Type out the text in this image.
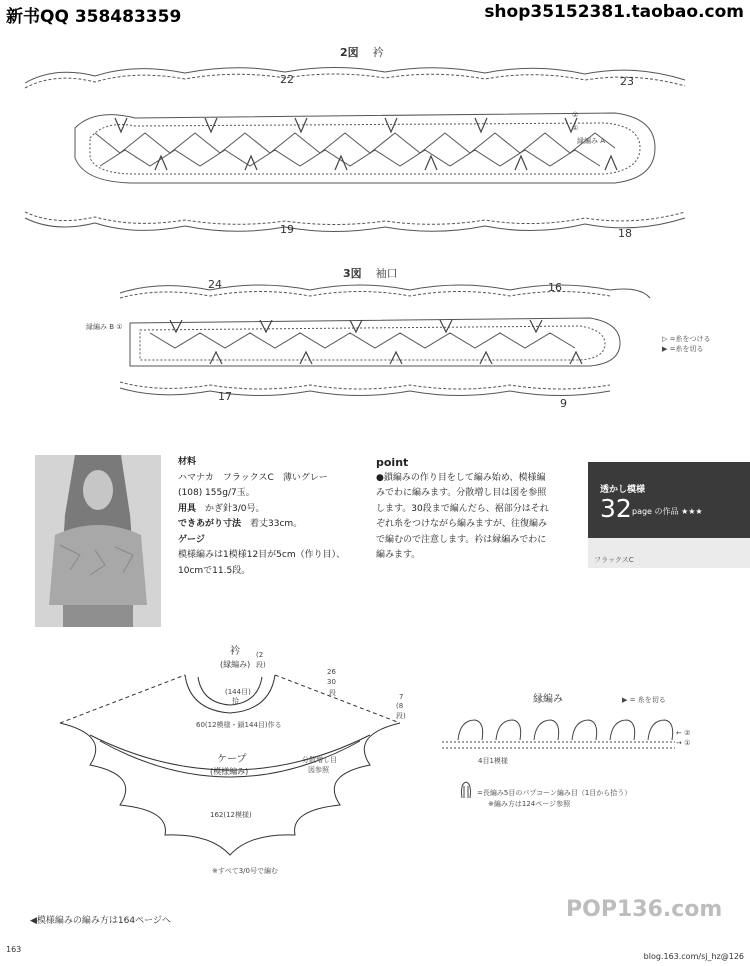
新书QQ 358483359	shop35152381.taobao.com
2図 衿
22	23
19	18
縁編み A
②
①
3図 袖口
24	16
17
9
縁編み B ①
▷ =糸をつける
▶ =糸を切る
材料
ハマナカ　フラックスC　薄いグレー
(108) 155g/7玉。
用具　 かぎ針3/0号。
できあがり寸法　 着丈33cm。
ゲージ
模様編みは1模様12目が5cm（作り目）、
10cmで11.5段。
point
●鎖編みの作り目をして編み始め、模様編
みでわに編みます。分散増し目は図を参照
します。30段まで編んだら、裾部分はそれ
ぞれ糸をつけながら編みますが、往復編み
で編むので注意します。衿は縁編みでわに
編みます。
透かし模様
32 page の作品 ★★★
フラックスC
衿
(縁編み)
(2
段)
26
30
段	7
(8
段)
(144目)
拾
60(12模様・鎖144目)作る
ケープ
(模様編み)
分散増し目
図参照
162(12模様)
※すべて3/0号で編む
縁編み	▶ = 糸を切る
← ②
→ ①
4目1模様
=長編み5目のパプコーン編み目（1目から拾う）
※編み方は124ページ参照
◀模様編みの編み方は164ページへ
163
POP136.com
blog.163.com/sj_hz@126
